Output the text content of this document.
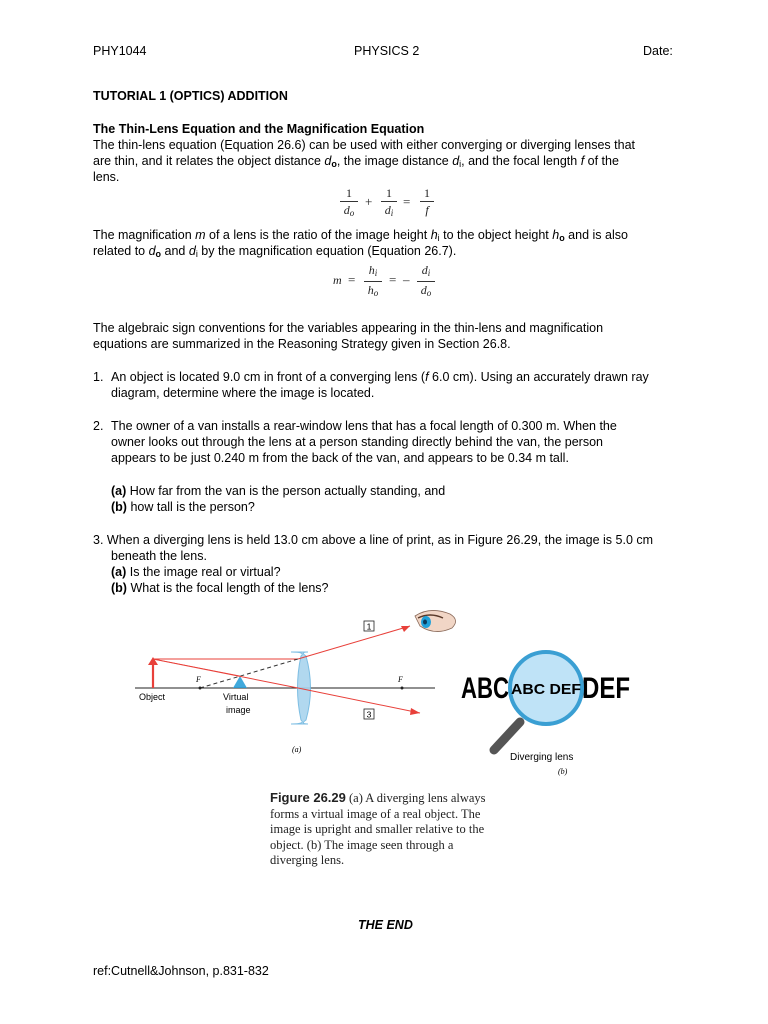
PHY1044	PHYSICS 2	Date:
TUTORIAL 1 (OPTICS) ADDITION
The Thin-Lens Equation and the Magnification Equation
The thin-lens equation (Equation 26.6) can be used with either converging or diverging lenses that
are thin, and it relates the object distance $d_o$, the image distance $d_i$, and the focal length f of the
lens.
1
$d_o$
+
1
$d_i$
=
1
f
The magnification m of a lens is the ratio of the image height $h_i$ to the object height $h_o$ and is also
related to $d_o$ and $d_i$ by the magnification equation (Equation 26.7).
m =
$h_i$
$h_o$
= –
$d_i$
$d_o$
The algebraic sign conventions for the variables appearing in the thin-lens and magnification
equations are summarized in the Reasoning Strategy given in Section 26.8.
1. An object is located 9.0 cm in front of a converging lens (f 6.0 cm). Using an accurately drawn ray
diagram, determine where the image is located.
2. The owner of a van installs a rear-window lens that has a focal length of 0.300 m. When the
owner looks out through the lens at a person standing directly behind the van, the person
appears to be just 0.240 m from the back of the van, and appears to be 0.34 m tall.
(a) How far from the van is the person actually standing, and
(b) how tall is the person?
3. When a diverging lens is held 13.0 cm above a line of print, as in Figure 26.29, the image is 5.0 cm
beneath the lens.
(a) Is the image real or virtual?
(b) What is the focal length of the lens?
1
3
F	F
Object	Virtual
image
(a)
ABC DEF
ABC DEF
Diverging lens
(b)
Figure 26.29 (a) A diverging lens always
forms a virtual image of a real object. The
image is upright and smaller relative to the
object. (b) The image seen through a
diverging lens.
THE END
ref:Cutnell&Johnson, p.831-832
